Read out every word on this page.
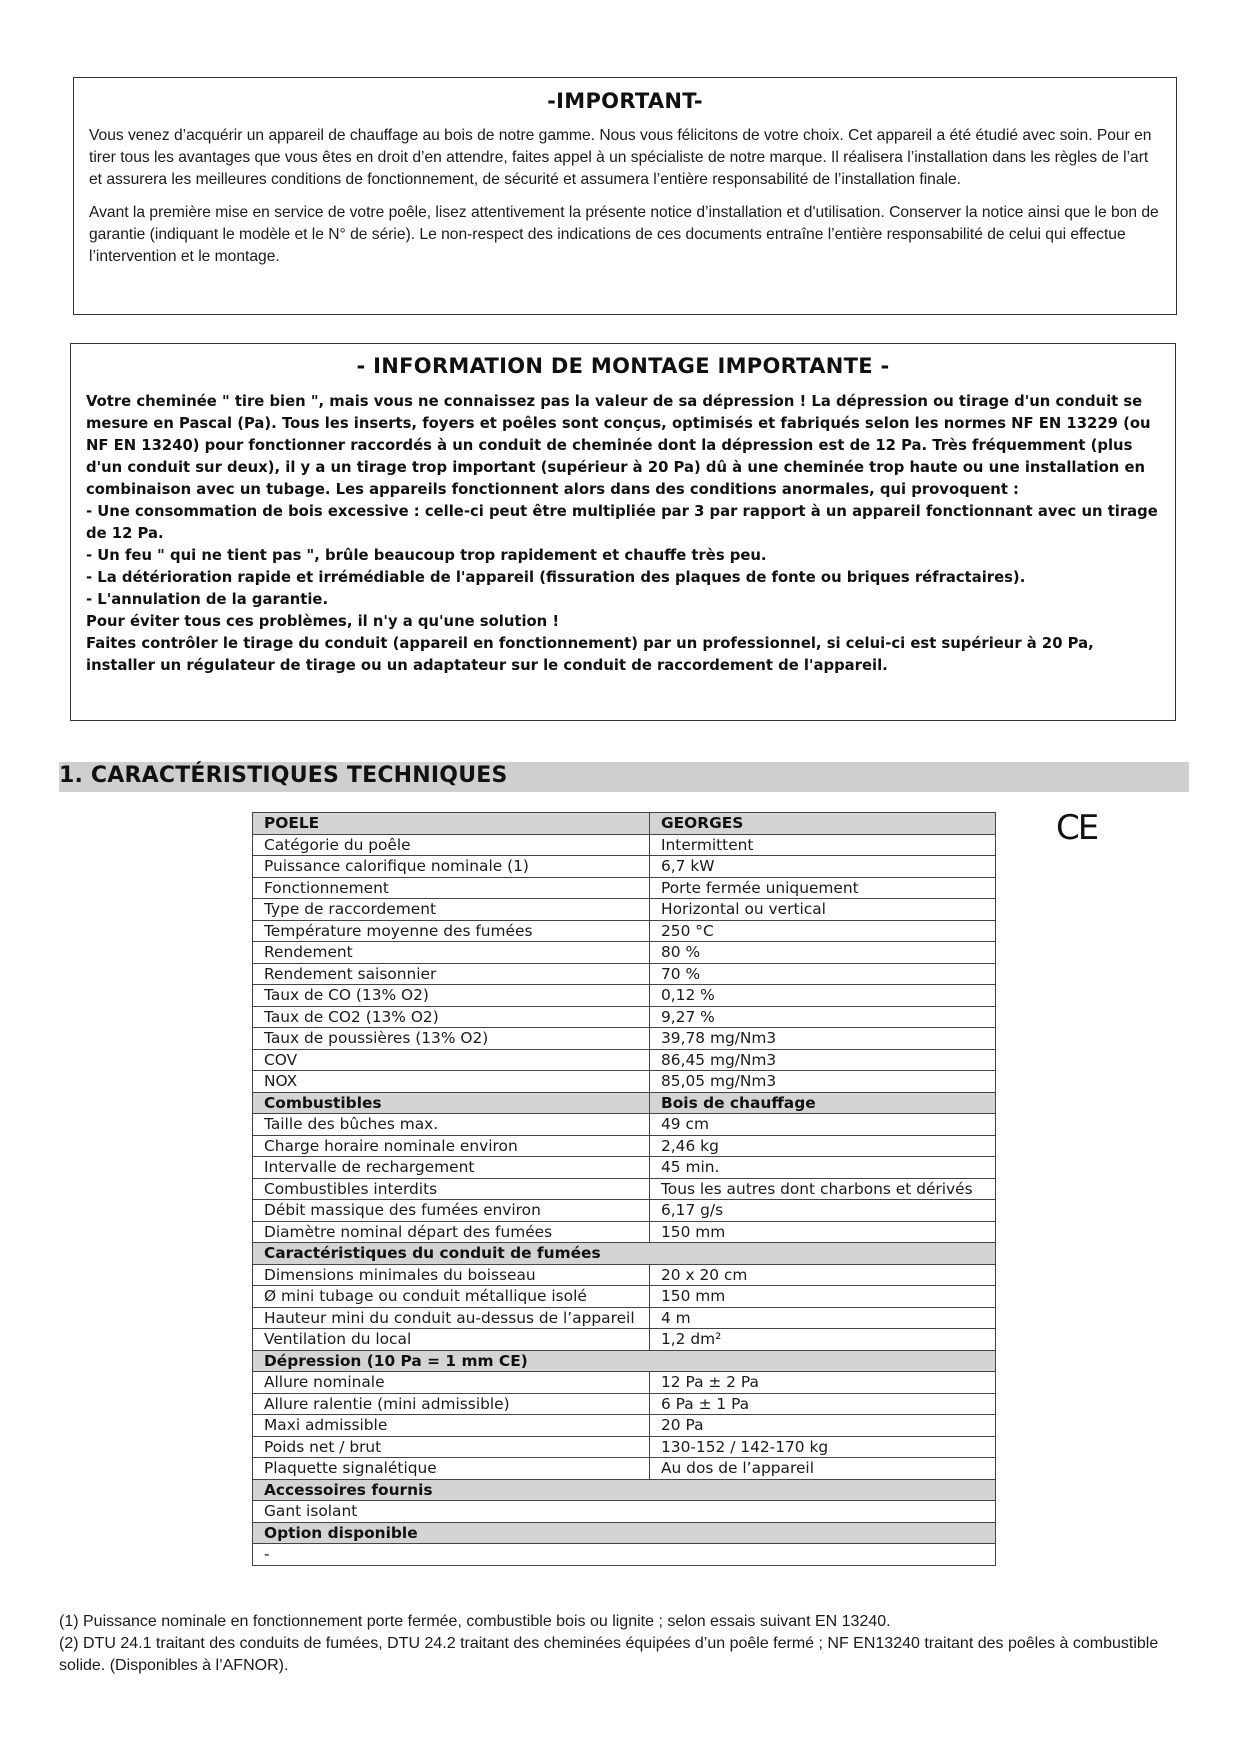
-IMPORTANT-

Vous venez d’acquérir un appareil de chauffage au bois de notre gamme. Nous vous félicitons de votre choix. Cet appareil a été étudié avec soin. Pour en tirer tous les avantages que vous êtes en droit d’en attendre, faites appel à un spécialiste de notre marque. Il réalisera l’installation dans les règles de l’art et assurera les meilleures conditions de fonctionnement, de sécurité et assumera l’entière responsabilité de l’installation finale.

Avant la première mise en service de votre poêle, lisez attentivement la présente notice d’installation et d'utilisation. Conserver la notice ainsi que le bon de garantie (indiquant le modèle et le N° de série). Le non-respect des indications de ces documents entraîne l’entière responsabilité de celui qui effectue l’intervention et le montage.

- INFORMATION DE MONTAGE IMPORTANTE -
Votre cheminée " tire bien ", mais vous ne connaissez pas la valeur de sa dépression ! La dépression ou tirage d'un conduit se mesure en Pascal (Pa). Tous les inserts, foyers et poêles sont conçus, optimisés et fabriqués selon les normes NF EN 13229 (ou NF EN 13240) pour fonctionner raccordés à un conduit de cheminée dont la dépression est de 12 Pa. Très fréquemment (plus d'un conduit sur deux), il y a un tirage trop important (supérieur à 20 Pa) dû à une cheminée trop haute ou une installation en combinaison avec un tubage. Les appareils fonctionnent alors dans des conditions anormales, qui provoquent :
- Une consommation de bois excessive : celle-ci peut être multipliée par 3 par rapport à un appareil fonctionnant avec un tirage de 12 Pa.
- Un feu " qui ne tient pas ", brûle beaucoup trop rapidement et chauffe très peu.
- La détérioration rapide et irrémédiable de l'appareil (fissuration des plaques de fonte ou briques réfractaires).
- L'annulation de la garantie.
Pour éviter tous ces problèmes, il n'y a qu'une solution !
Faites contrôler le tirage du conduit (appareil en fonctionnement) par un professionnel, si celui-ci est supérieur à 20 Pa, installer un régulateur de tirage ou un adaptateur sur le conduit de raccordement de l'appareil.
1. CARACTÉRISTIQUES TECHNIQUES
CE
POELE	GEORGES
Catégorie du poêle	Intermittent
Puissance calorifique nominale (1)	6,7 kW
Fonctionnement	Porte fermée uniquement
Type de raccordement	Horizontal ou vertical
Température moyenne des fumées	250 °C
Rendement	80 %
Rendement saisonnier	70 %
Taux de CO (13% O2)	0,12 %
Taux de CO2 (13% O2)	9,27 %
Taux de poussières (13% O2)	39,78 mg/Nm3
COV	86,45 mg/Nm3
NOX	85,05 mg/Nm3
Combustibles	Bois de chauffage
Taille des bûches max.	49 cm
Charge horaire nominale environ	2,46 kg
Intervalle de rechargement	45 min.
Combustibles interdits	Tous les autres dont charbons et dérivés
Débit massique des fumées environ	6,17 g/s
Diamètre nominal départ des fumées	150 mm
Caractéristiques du conduit de fumées	
Dimensions minimales du boisseau	20 x 20 cm
Ø mini tubage ou conduit métallique isolé	150 mm
Hauteur mini du conduit au-dessus de l’appareil	4 m
Ventilation du local	1,2 dm²
Dépression (10 Pa = 1 mm CE)	
Allure nominale	12 Pa ± 2 Pa
Allure ralentie (mini admissible)	6 Pa ± 1 Pa
Maxi admissible	20 Pa
Poids net / brut	130-152 / 142-170 kg
Plaquette signalétique	Au dos de l’appareil
Accessoires fournis	
Gant isolant	
Option disponible	
-	
(1) Puissance nominale en fonctionnement porte fermée, combustible bois ou lignite ; selon essais suivant EN 13240.
(2) DTU 24.1 traitant des conduits de fumées, DTU 24.2 traitant des cheminées équipées d’un poêle fermé ; NF EN13240 traitant des poêles à combustible solide. (Disponibles à l’AFNOR).
